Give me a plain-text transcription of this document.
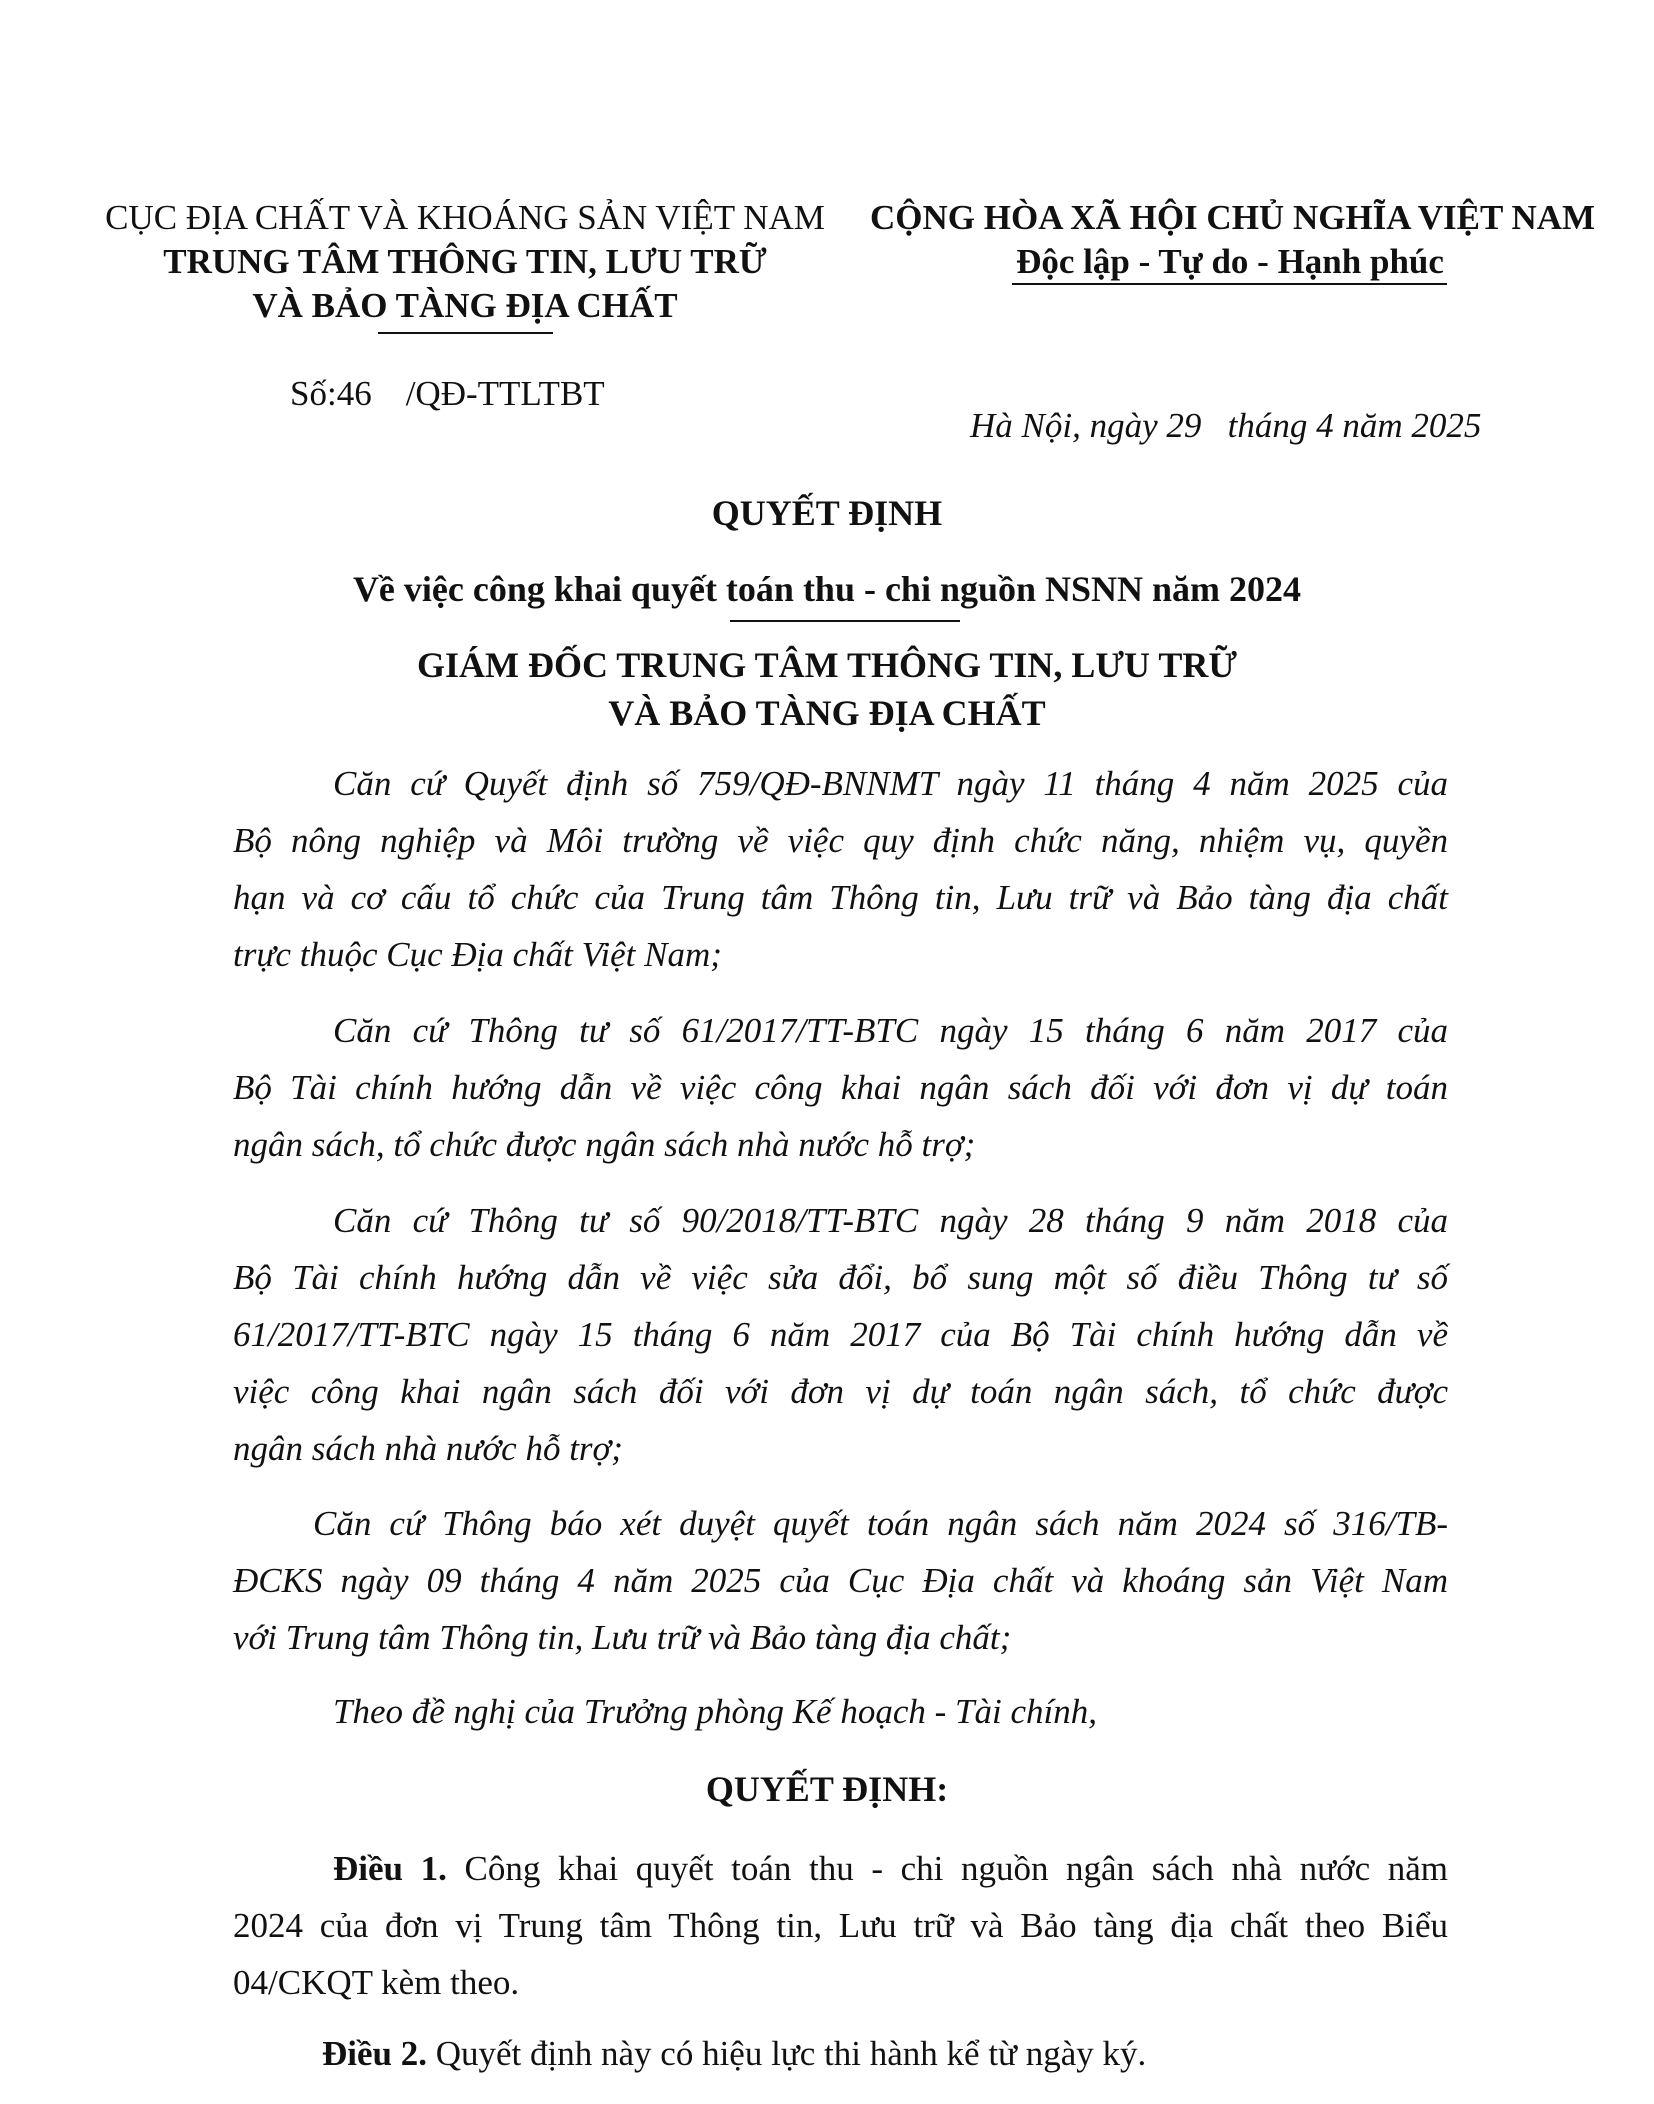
CỤC ĐỊA CHẤT VÀ KHOÁNG SẢN VIỆT NAM
TRUNG TÂM THÔNG TIN, LƯU TRỮ
VÀ BẢO TÀNG ĐỊA CHẤT
CỘNG HÒA XÃ HỘI CHỦ NGHĨA VIỆT NAM
Độc lập - Tự do - Hạnh phúc
Số:46 /QĐ-TTLTBT
Hà Nội, ngày 29   tháng 4 năm 2025
QUYẾT ĐỊNH
Về việc công khai quyết toán thu - chi nguồn NSNN năm 2024
GIÁM ĐỐC TRUNG TÂM THÔNG TIN, LƯU TRỮ
VÀ BẢO TÀNG ĐỊA CHẤT
Căn cứ Quyết định số 759/QĐ-BNNMT ngày 11 tháng 4 năm 2025 của
Bộ nông nghiệp và Môi trường về việc quy định chức năng, nhiệm vụ, quyền
hạn và cơ cấu tổ chức của Trung tâm Thông tin, Lưu trữ và Bảo tàng địa chất
trực thuộc Cục Địa chất Việt Nam;
Căn cứ Thông tư số 61/2017/TT-BTC ngày 15 tháng 6 năm 2017 của
Bộ Tài chính hướng dẫn về việc công khai ngân sách đối với đơn vị dự toán
ngân sách, tổ chức được ngân sách nhà nước hỗ trợ;
Căn cứ Thông tư số 90/2018/TT-BTC ngày 28 tháng 9 năm 2018 của
Bộ Tài chính hướng dẫn về việc sửa đổi, bổ sung một số điều Thông tư số
61/2017/TT-BTC ngày 15 tháng 6 năm 2017 của Bộ Tài chính hướng dẫn về
việc công khai ngân sách đối với đơn vị dự toán ngân sách, tổ chức được
ngân sách nhà nước hỗ trợ;
Căn cứ Thông báo xét duyệt quyết toán ngân sách năm 2024 số 316/TB-
ĐCKS ngày 09 tháng 4 năm 2025 của Cục Địa chất và khoáng sản Việt Nam
với Trung tâm Thông tin, Lưu trữ và Bảo tàng địa chất;
Theo đề nghị của Trưởng phòng Kế hoạch - Tài chính,
QUYẾT ĐỊNH:
Điều 1. Công khai quyết toán thu - chi nguồn ngân sách nhà nước năm
2024 của đơn vị Trung tâm Thông tin, Lưu trữ và Bảo tàng địa chất theo Biểu
04/CKQT kèm theo.
Điều 2. Quyết định này có hiệu lực thi hành kể từ ngày ký.
